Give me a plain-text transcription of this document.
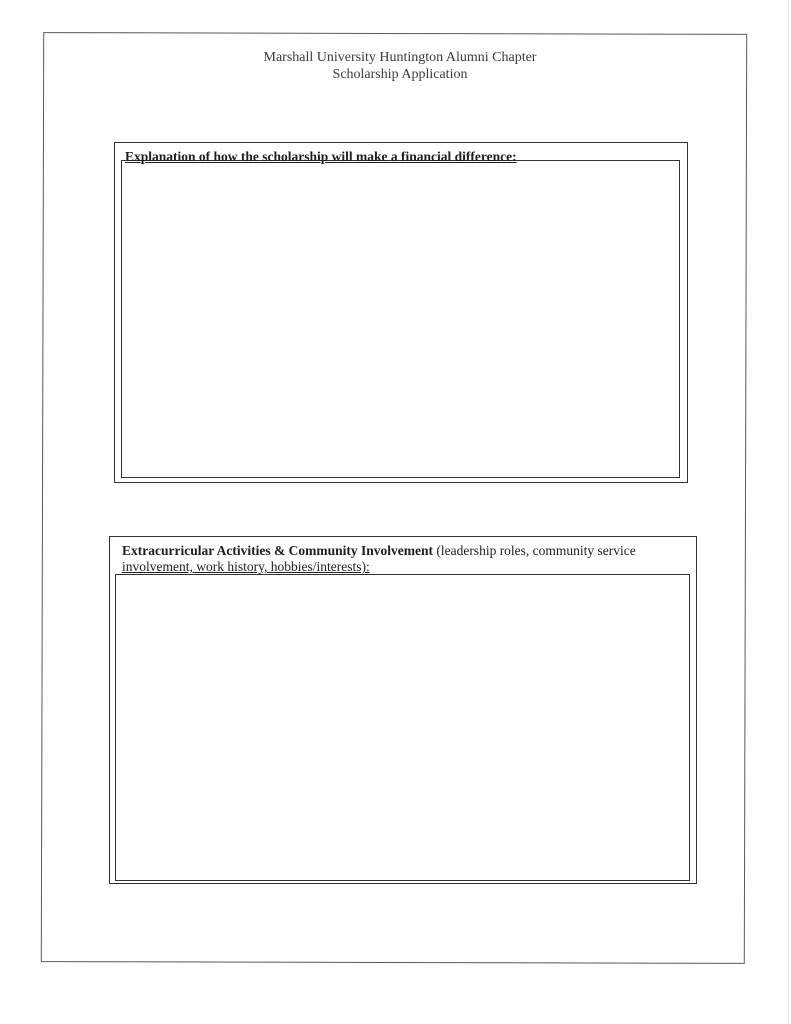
Marshall University Huntington Alumni Chapter
Scholarship Application
Explanation of how the scholarship will make a financial difference:
Extracurricular Activities & Community Involvement (leadership roles, community service
involvement, work history, hobbies/interests):
